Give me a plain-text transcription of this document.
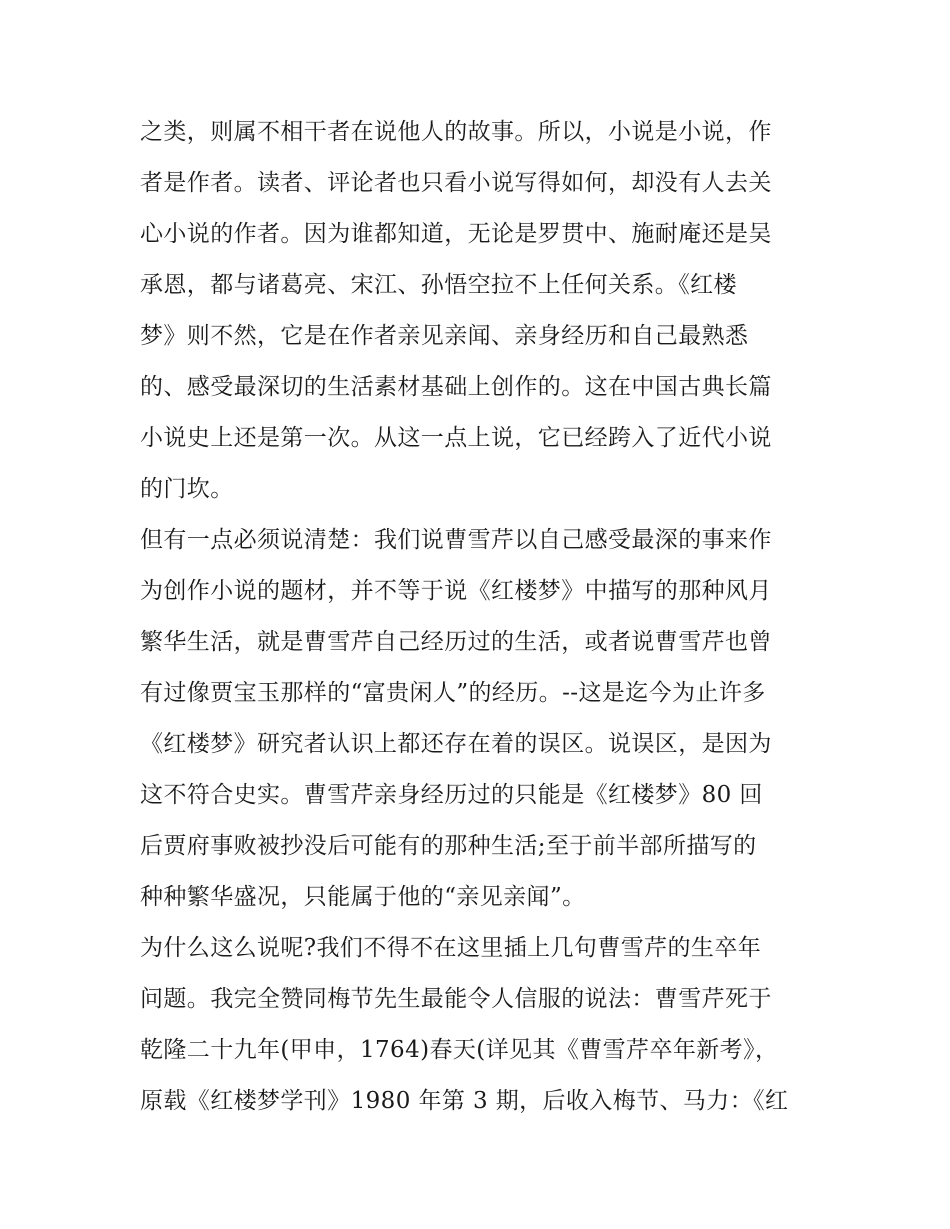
之类，则属不相干者在说他人的故事。所以，小说是小说，作
者是作者。读者、评论者也只看小说写得如何，却没有人去关
心小说的作者。因为谁都知道，无论是罗贯中、施耐庵还是吴
承恩，都与诸葛亮、宋江、孙悟空拉不上任何关系。《红楼
梦》则不然，它是在作者亲见亲闻、亲身经历和自己最熟悉
的、感受最深切的生活素材基础上创作的。这在中国古典长篇
小说史上还是第一次。从这一点上说，它已经跨入了近代小说
的门坎。
但有一点必须说清楚：我们说曹雪芹以自己感受最深的事来作
为创作小说的题材，并不等于说《红楼梦》中描写的那种风月
繁华生活，就是曹雪芹自己经历过的生活，或者说曹雪芹也曾
有过像贾宝玉那样的“富贵闲人”的经历。--这是迄今为止许多
《红楼梦》研究者认识上都还存在着的误区。说误区，是因为
这不符合史实。曹雪芹亲身经历过的只能是《红楼梦》80 回
后贾府事败被抄没后可能有的那种生活;至于前半部所描写的
种种繁华盛况，只能属于他的“亲见亲闻”。
为什么这么说呢?我们不得不在这里插上几句曹雪芹的生卒年
问题。我完全赞同梅节先生最能令人信服的说法：曹雪芹死于
乾隆二十九年(甲申，1764)春天(详见其《曹雪芹卒年新考》，
原载《红楼梦学刊》1980 年第 3 期，后收入梅节、马力：《红
